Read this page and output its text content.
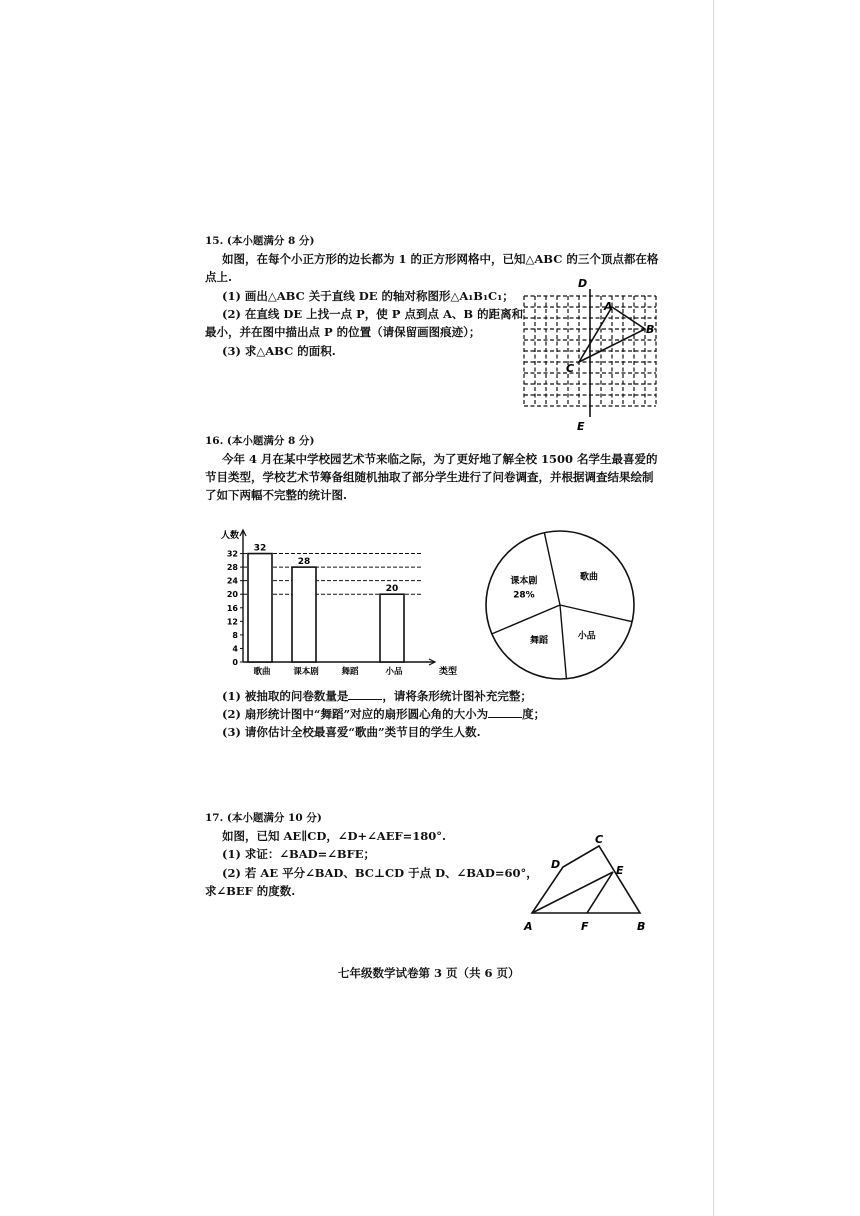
15. (本小题满分 8 分)
如图，在每个小正方形的边长都为 1 的正方形网格中，已知△ABC 的三个顶点都在格
点上.
(1) 画出△ABC 关于直线 DE 的轴对称图形△A₁B₁C₁；
(2) 在直线 DE 上找一点 P，使 P 点到点 A、B 的距离和
最小，并在图中描出点 P 的位置（请保留画图痕迹）；
(3) 求△ABC 的面积.
D
E
A
B
C
16. (本小题满分 8 分)
今年 4 月在某中学校园艺术节来临之际，为了更好地了解全校 1500 名学生最喜爱的
节目类型，学校艺术节筹备组随机抽取了部分学生进行了问卷调查，并根据调查结果绘制
了如下两幅不完整的统计图.
人数
类型
0
4
8
12
16
20
24
28
32
歌曲
32
课本剧
28
舞蹈	小品
20
课本剧
28%
歌曲
小品
舞蹈
(1) 被抽取的问卷数量是	，请将条形统计图补充完整；
(2) 扇形统计图中“舞蹈”对应的扇形圆心角的大小为	度；
(3) 请你估计全校最喜爱“歌曲”类节目的学生人数.
17. (本小题满分 10 分)
如图，已知 AE∥CD，∠D+∠AEF=180°.
(1) 求证：∠BAD=∠BFE；
(2) 若 AE 平分∠BAD、BC⊥CD 于点 D、∠BAD=60°，
求∠BEF 的度数.
A	B
C
D	E
F
七年级数学试卷第 3 页（共 6 页）
